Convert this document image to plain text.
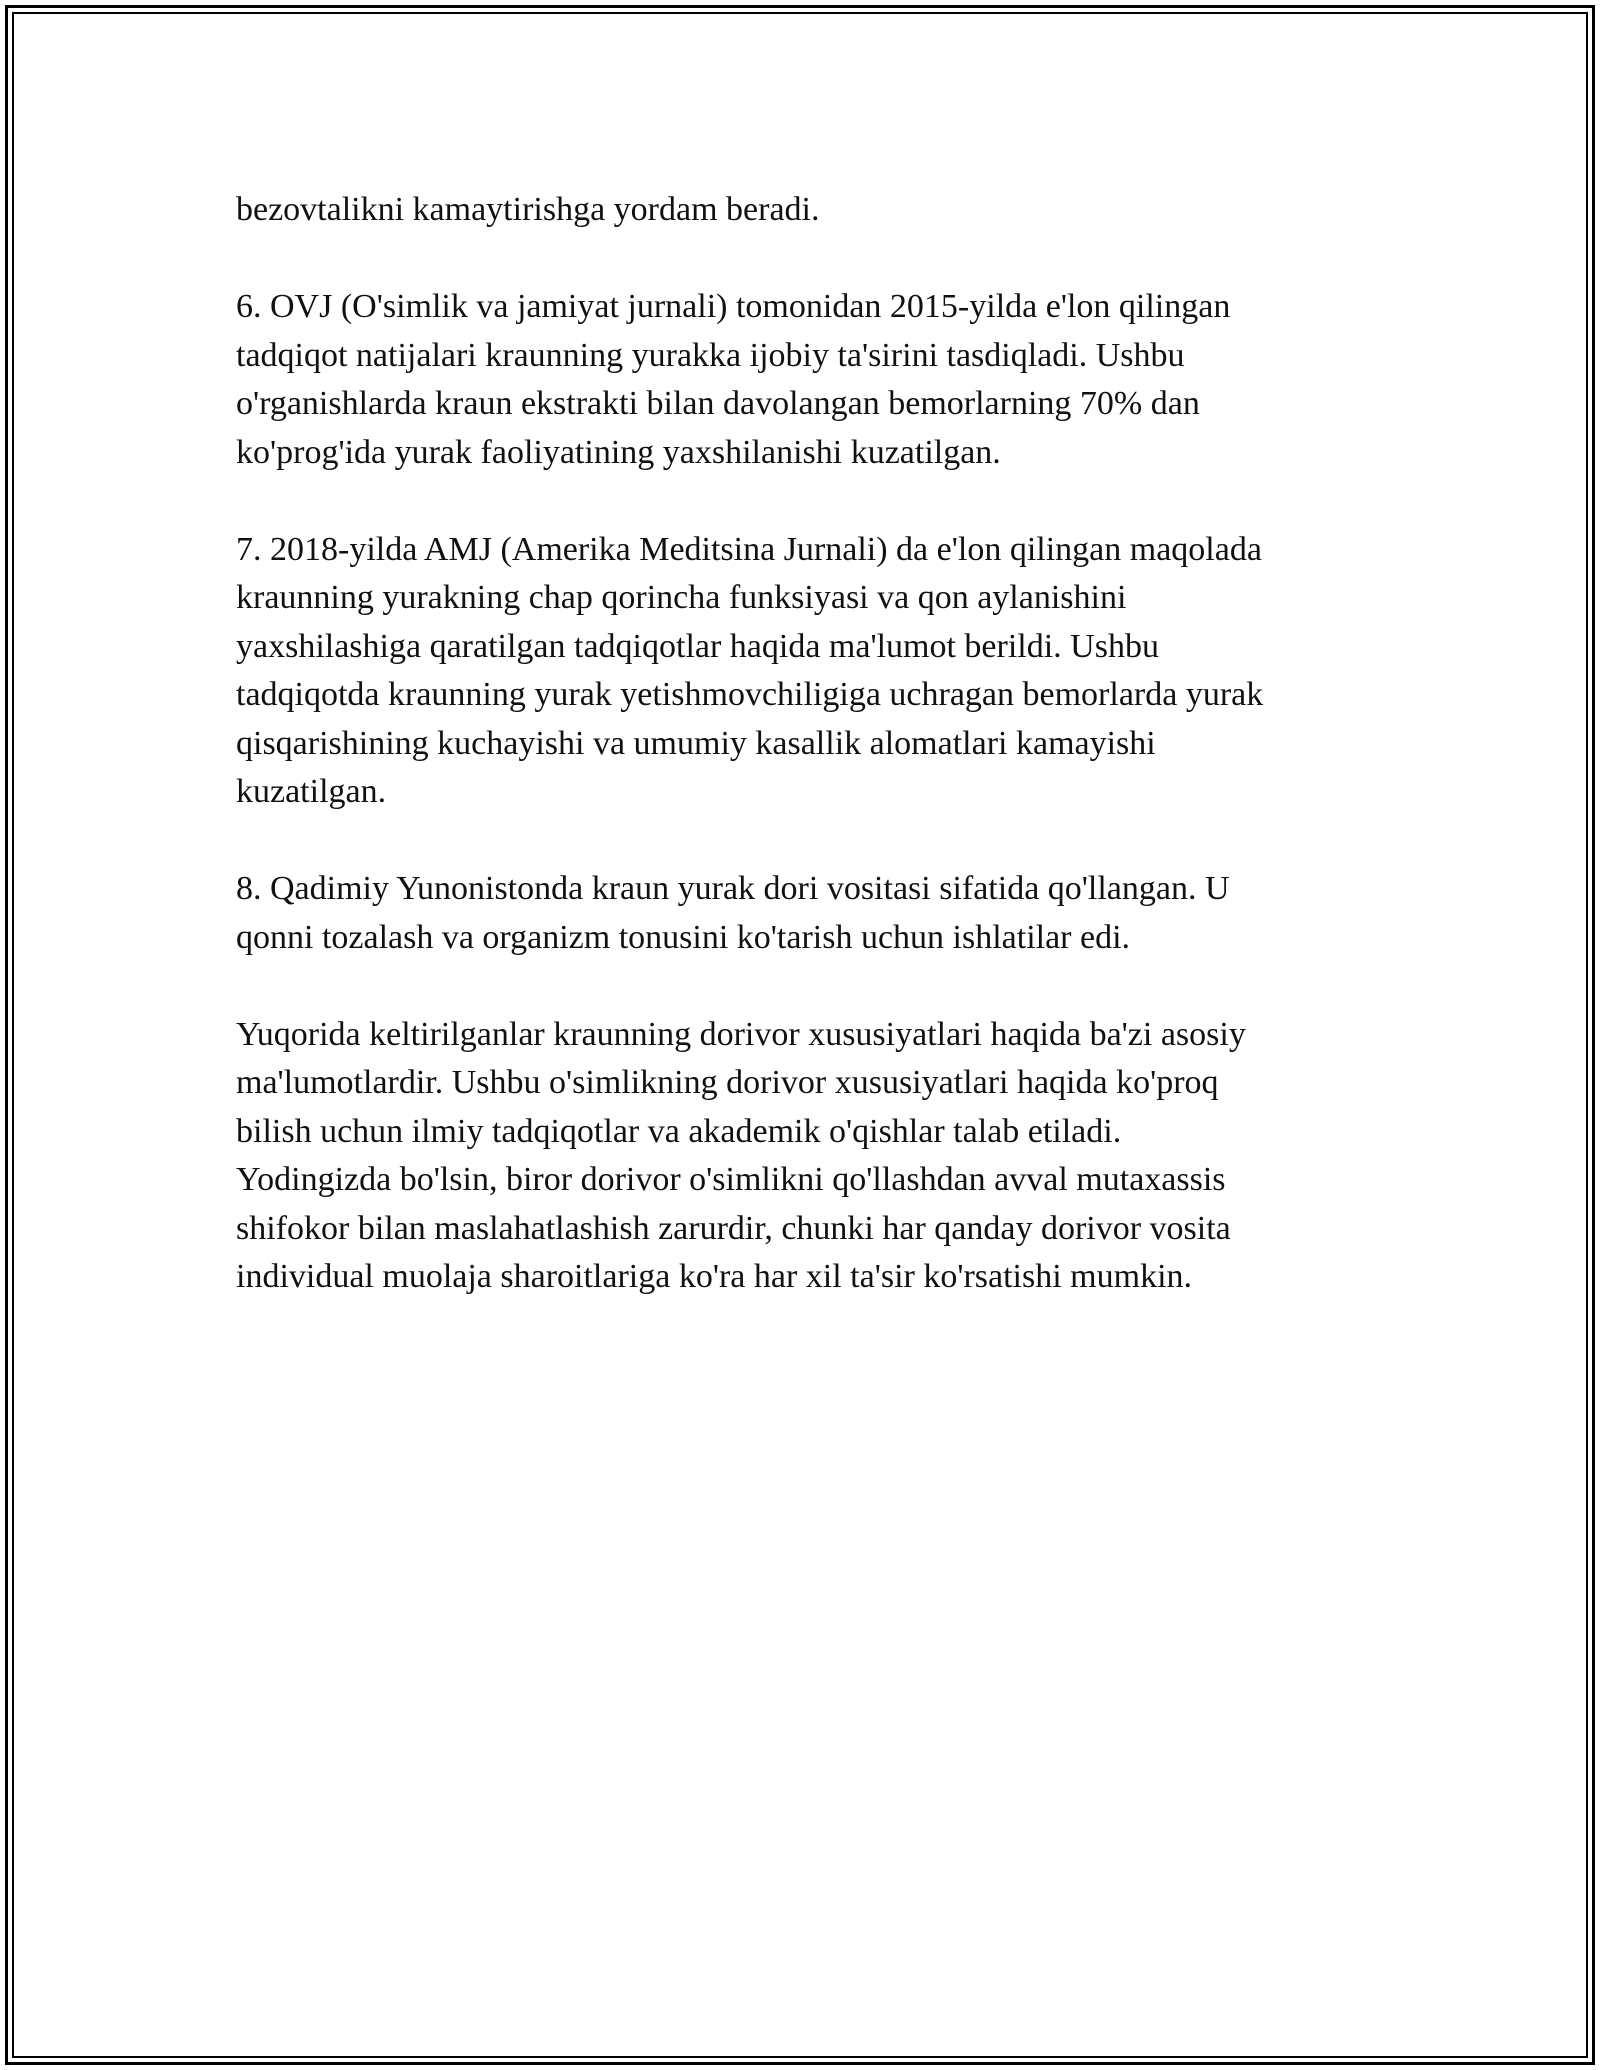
bezovtalikni kamaytirishga yordam beradi.

6. OVJ (O'simlik va jamiyat jurnali) tomonidan 2015-yilda e'lon qilingan
tadqiqot natijalari kraunning yurakka ijobiy ta'sirini tasdiqladi. Ushbu
o'rganishlarda kraun ekstrakti bilan davolangan bemorlarning 70% dan
ko'prog'ida yurak faoliyatining yaxshilanishi kuzatilgan.

7. 2018-yilda AMJ (Amerika Meditsina Jurnali) da e'lon qilingan maqolada
kraunning yurakning chap qorincha funksiyasi va qon aylanishini
yaxshilashiga qaratilgan tadqiqotlar haqida ma'lumot berildi. Ushbu
tadqiqotda kraunning yurak yetishmovchiligiga uchragan bemorlarda yurak
qisqarishining kuchayishi va umumiy kasallik alomatlari kamayishi
kuzatilgan.

8. Qadimiy Yunonistonda kraun yurak dori vositasi sifatida qo'llangan. U
qonni tozalash va organizm tonusini ko'tarish uchun ishlatilar edi.

Yuqorida keltirilganlar kraunning dorivor xususiyatlari haqida ba'zi asosiy
ma'lumotlardir. Ushbu o'simlikning dorivor xususiyatlari haqida ko'proq
bilish uchun ilmiy tadqiqotlar va akademik o'qishlar talab etiladi.
Yodingizda bo'lsin, biror dorivor o'simlikni qo'llashdan avval mutaxassis
shifokor bilan maslahatlashish zarurdir, chunki har qanday dorivor vosita
individual muolaja sharoitlariga ko'ra har xil ta'sir ko'rsatishi mumkin.
